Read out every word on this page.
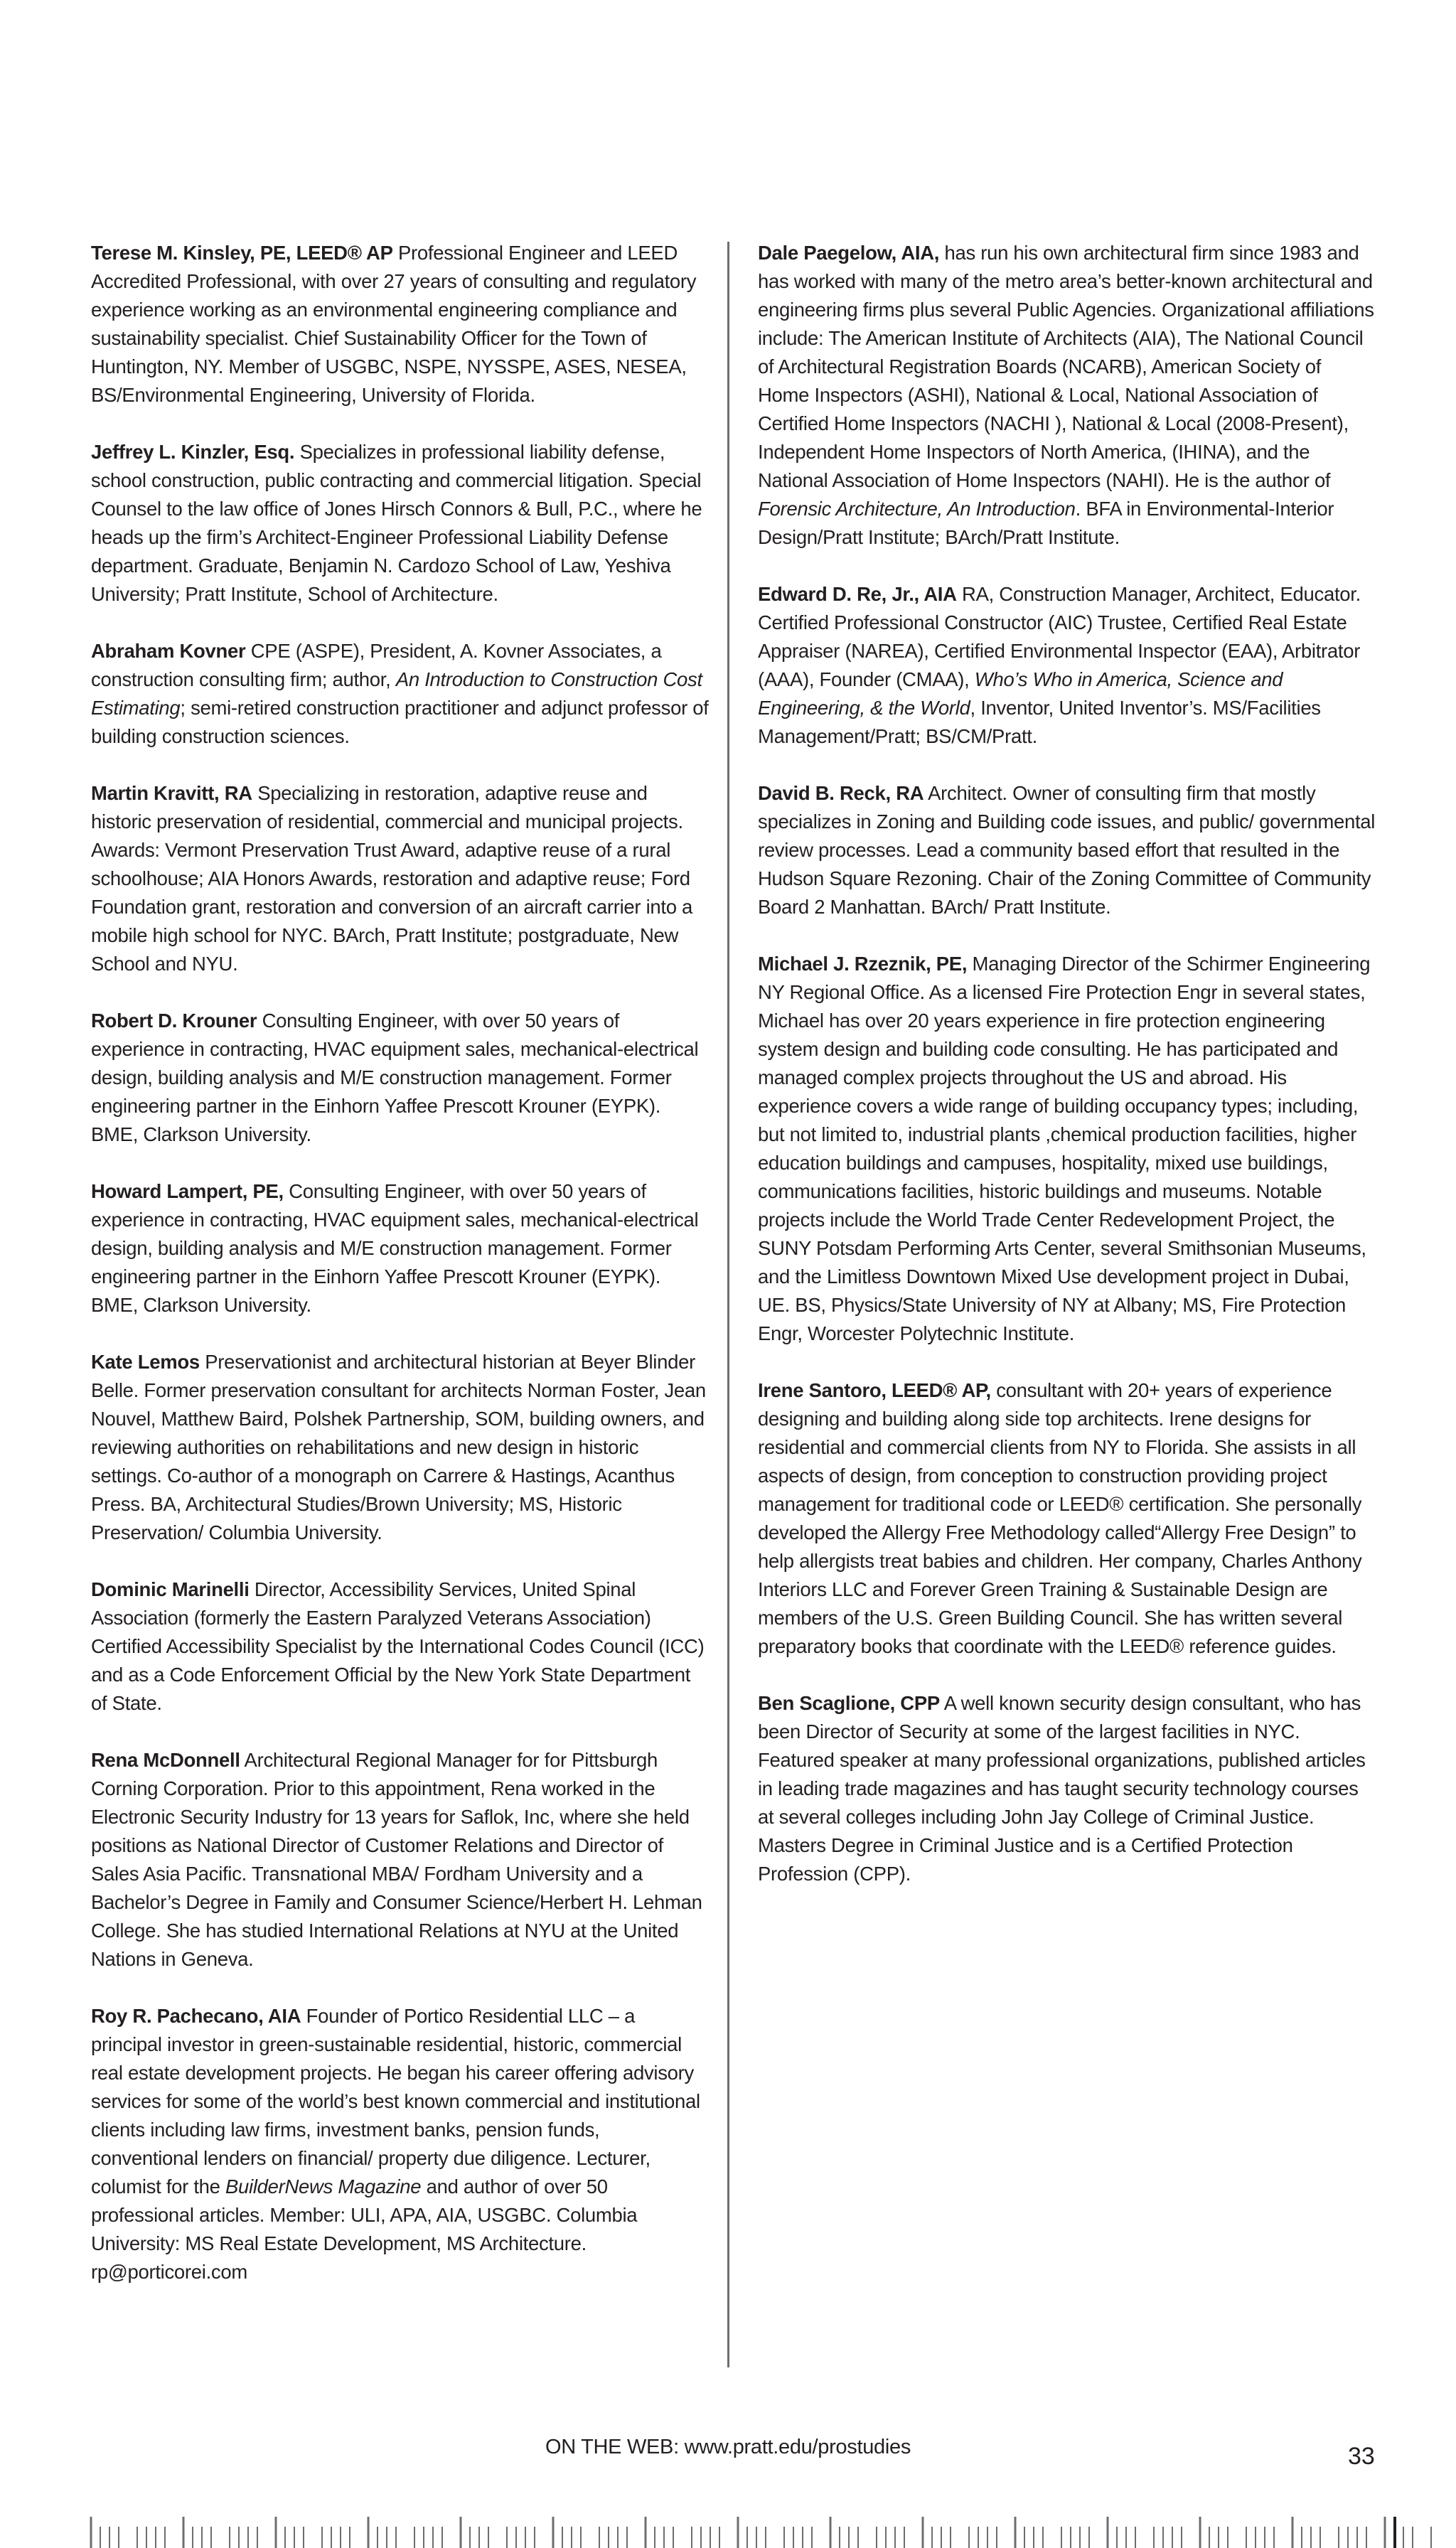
Terese M. Kinsley, PE, LEED® AP Professional Engineer and LEED Accredited Professional, with over 27 years of consulting and regulatory experience working as an environmental engineering compliance and sustainability specialist. Chief Sustainability Officer for the Town of Huntington, NY. Member of USGBC, NSPE, NYSSPE, ASES, NESEA, BS/Environmental Engineering, University of Florida.

Jeffrey L. Kinzler, Esq. Specializes in professional liability defense, school construction, public contracting and commercial litigation. Special Counsel to the law office of Jones Hirsch Connors & Bull, P.C., where he heads up the firm’s Architect-Engineer Professional Liability Defense department. Graduate, Benjamin N. Cardozo School of Law, Yeshiva University; Pratt Institute, School of Architecture.

Abraham Kovner CPE (ASPE), President, A. Kovner Associates, a construction consulting firm; author, An Introduction to Construction Cost Estimating; semi-retired construction practitioner and adjunct professor of building construction sciences.

Martin Kravitt, RA Specializing in restoration, adaptive reuse and historic preservation of residential, commercial and municipal projects. Awards: Vermont Preservation Trust Award, adaptive reuse of a rural schoolhouse; AIA Honors Awards, restoration and adaptive reuse; Ford Foundation grant, restoration and conversion of an aircraft carrier into a mobile high school for NYC. BArch, Pratt Institute; postgraduate, New School and NYU.

Robert D. Krouner Consulting Engineer, with over 50 years of experience in contracting, HVAC equipment sales, mechanical-electrical design, building analysis and M/E construction management. Former engineering partner in the Einhorn Yaffee Prescott Krouner (EYPK). BME, Clarkson University.

Howard Lampert, PE, Consulting Engineer, with over 50 years of experience in contracting, HVAC equipment sales, mechanical-electrical design, building analysis and M/E construction management. Former engineering partner in the Einhorn Yaffee Prescott Krouner (EYPK). BME, Clarkson University.

Kate Lemos Preservationist and architectural historian at Beyer Blinder Belle. Former preservation consultant for architects Norman Foster, Jean Nouvel, Matthew Baird, Polshek Partnership, SOM, building owners, and reviewing authorities on rehabilitations and new design in historic settings. Co-author of a monograph on Carrere & Hastings, Acanthus Press. BA, Architectural Studies/Brown University; MS, Historic Preservation/ Columbia University.

Dominic Marinelli Director, Accessibility Services, United Spinal Association (formerly the Eastern Paralyzed Veterans Association) Certified Accessibility Specialist by the International Codes Council (ICC) and as a Code Enforcement Official by the New York State Department of State.

Rena McDonnell Architectural Regional Manager for for Pittsburgh Corning Corporation. Prior to this appointment, Rena worked in the Electronic Security Industry for 13 years for Saflok, Inc, where she held positions as National Director of Customer Relations and Director of Sales Asia Pacific. Transnational MBA/ Fordham University and a Bachelor’s Degree in Family and Consumer Science/Herbert H. Lehman College. She has studied International Relations at NYU at the United Nations in Geneva.

Roy R. Pachecano, AIA Founder of Portico Residential LLC – a principal investor in green-sustainable residential, historic, commercial real estate development projects. He began his career offering advisory services for some of the world’s best known commercial and institutional clients including law firms, investment banks, pension funds, conventional lenders on financial/ property due diligence. Lecturer, columist for the BuilderNews Magazine and author of over 50 professional articles. Member: ULI, APA, AIA, USGBC. Columbia University: MS Real Estate Development, MS Architecture. rp@porticorei.com

Dale Paegelow, AIA, has run his own architectural firm since 1983 and has worked with many of the metro area’s better-known architectural and engineering firms plus several Public Agencies. Organizational affiliations include: The American Institute of Architects (AIA), The National Council of Architectural Registration Boards (NCARB), American Society of Home Inspectors (ASHI), National & Local, National Association of Certified Home Inspectors (NACHI ), National & Local (2008-Present), Independent Home Inspectors of North America, (IHINA), and the National Association of Home Inspectors (NAHI). He is the author of Forensic Architecture, An Introduction. BFA in Environmental-Interior Design/Pratt Institute; BArch/Pratt Institute.

Edward D. Re, Jr., AIA RA, Construction Manager, Architect, Educator. Certified Professional Constructor (AIC) Trustee, Certified Real Estate Appraiser (NAREA), Certified Environmental Inspector (EAA), Arbitrator (AAA), Founder (CMAA), Who’s Who in America, Science and Engineering, & the World, Inventor, United Inventor’s. MS/Facilities Management/Pratt; BS/CM/Pratt.

David B. Reck, RA Architect. Owner of consulting firm that mostly specializes in Zoning and Building code issues, and public/ governmental review processes. Lead a community based effort that resulted in the Hudson Square Rezoning. Chair of the Zoning Committee of Community Board 2 Manhattan. BArch/ Pratt Institute.

Michael J. Rzeznik, PE, Managing Director of the Schirmer Engineering NY Regional Office. As a licensed Fire Protection Engr in several states, Michael has over 20 years experience in fire protection engineering system design and building code consulting. He has participated and managed complex projects throughout the US and abroad. His experience covers a wide range of building occupancy types; including, but not limited to, industrial plants ,chemical production facilities, higher education buildings and campuses, hospitality, mixed use buildings, communications facilities, historic buildings and museums. Notable projects include the World Trade Center Redevelopment Project, the SUNY Potsdam Performing Arts Center, several Smithsonian Museums, and the Limitless Downtown Mixed Use development project in Dubai, UE. BS, Physics/State University of NY at Albany; MS, Fire Protection Engr, Worcester Polytechnic Institute.

Irene Santoro, LEED® AP, consultant with 20+ years of experience designing and building along side top architects. Irene designs for residential and commercial clients from NY to Florida. She assists in all aspects of design, from conception to construction providing project management for traditional code or LEED® certification. She personally developed the Allergy Free Methodology called“Allergy Free Design” to help allergists treat babies and children. Her company, Charles Anthony Interiors LLC and Forever Green Training & Sustainable Design are members of the U.S. Green Building Council. She has written several preparatory books that coordinate with the LEED® reference guides.

Ben Scaglione, CPP A well known security design consultant, who has been Director of Security at some of the largest facilities in NYC. Featured speaker at many professional organizations, published articles in leading trade magazines and has taught security technology courses at several colleges including John Jay College of Criminal Justice. Masters Degree in Criminal Justice and is a Certified Protection Profession (CPP).

ON THE WEB: www.pratt.edu/prostudies	33
